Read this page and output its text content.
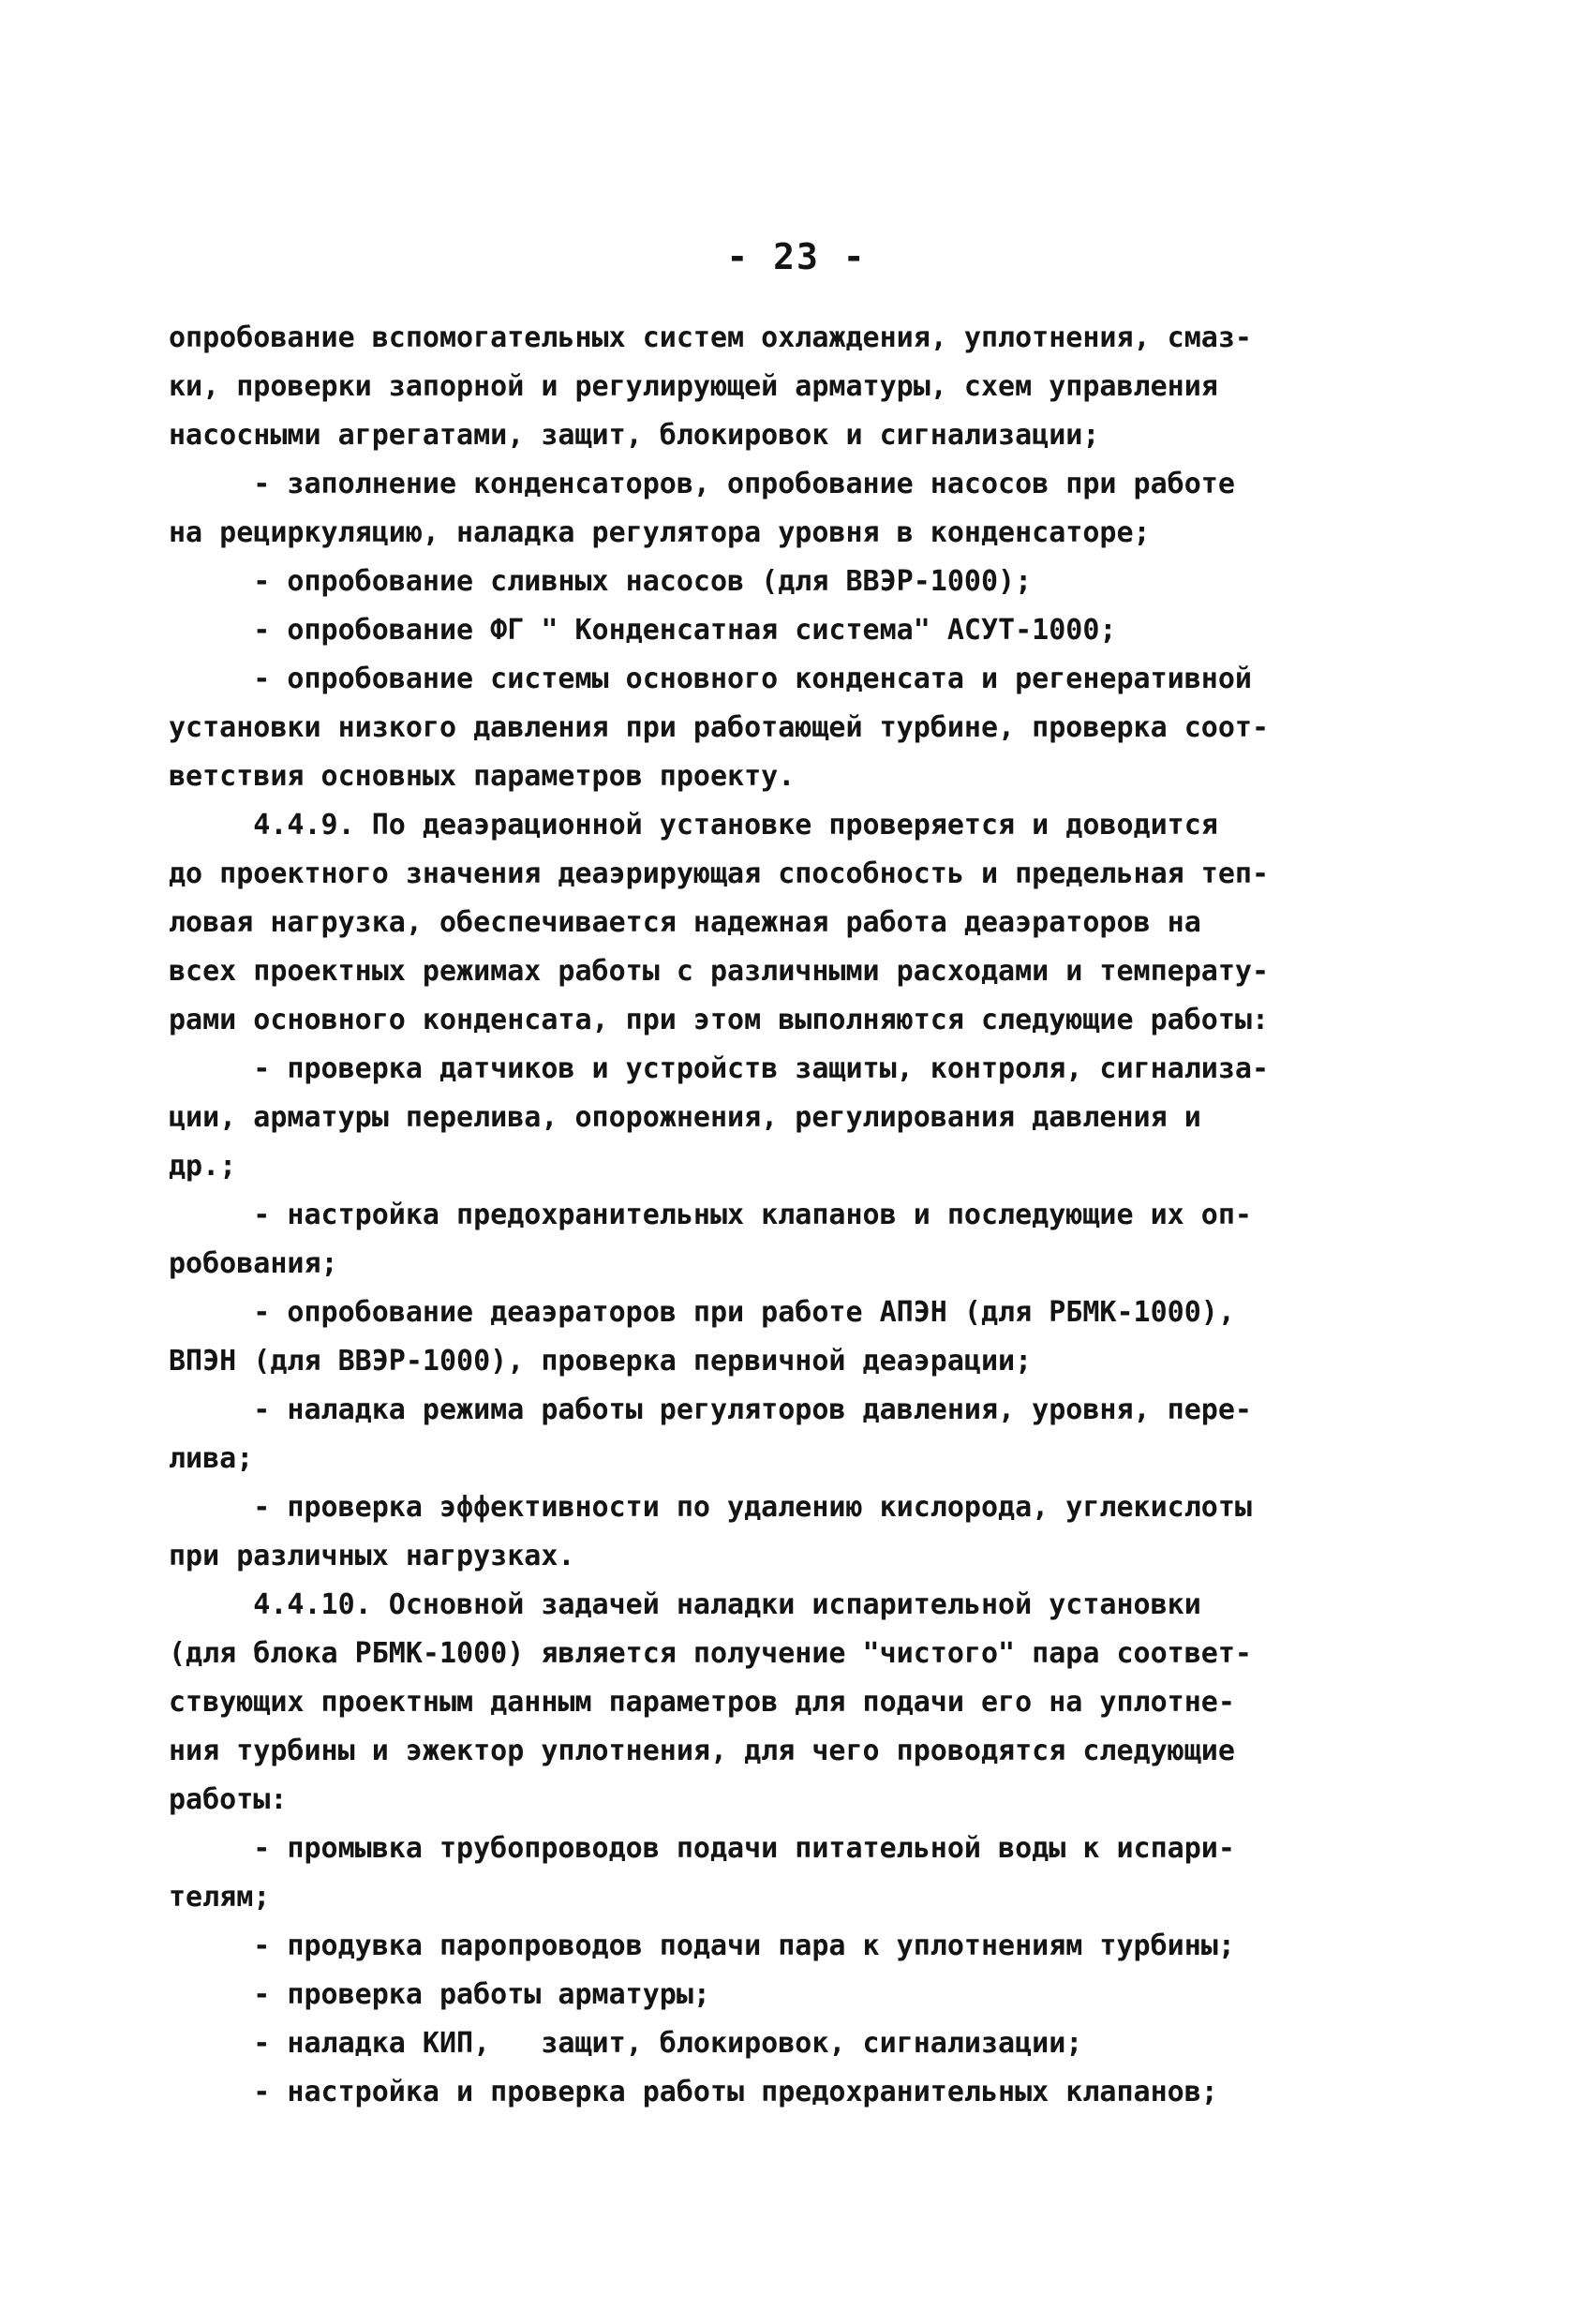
- 23 -
опробование вспомогательных систем охлаждения, уплотнения, смаз-
ки, проверки запорной и регулирующей арматуры, схем управления
насосными агрегатами, защит, блокировок и сигнализации;
- заполнение конденсаторов, опробование насосов при работе
на рециркуляцию, наладка регулятора уровня в конденсаторе;
- опробование сливных насосов (для ВВЭР-1000);
- опробование ФГ " Конденсатная система" АСУТ-1000;
- опробование системы основного конденсата и регенеративной
установки низкого давления при работающей турбине, проверка соот-
ветствия основных параметров проекту.
4.4.9. По деаэрационной установке проверяется и доводится
до проектного значения деаэрирующая способность и предельная теп-
ловая нагрузка, обеспечивается надежная работа деаэраторов на
всех проектных режимах работы с различными расходами и температу-
рами основного конденсата, при этом выполняются следующие работы:
- проверка датчиков и устройств защиты, контроля, сигнализа-
ции, арматуры перелива, опорожнения, регулирования давления и
др.;
- настройка предохранительных клапанов и последующие их оп-
робования;
- опробование деаэраторов при работе АПЭН (для РБМК-1000),
ВПЭН (для ВВЭР-1000), проверка первичной деаэрации;
- наладка режима работы регуляторов давления, уровня, пере-
лива;
- проверка эффективности по удалению кислорода, углекислоты
при различных нагрузках.
4.4.10. Основной задачей наладки испарительной установки
(для блока РБМК-1000) является получение "чистого" пара соответ-
ствующих проектным данным параметров для подачи его на уплотне-
ния турбины и эжектор уплотнения, для чего проводятся следующие
работы:
- промывка трубопроводов подачи питательной воды к испари-
телям;
- продувка паропроводов подачи пара к уплотнениям турбины;
- проверка работы арматуры;
- наладка КИП,   защит, блокировок, сигнализации;
- настройка и проверка работы предохранительных клапанов;
